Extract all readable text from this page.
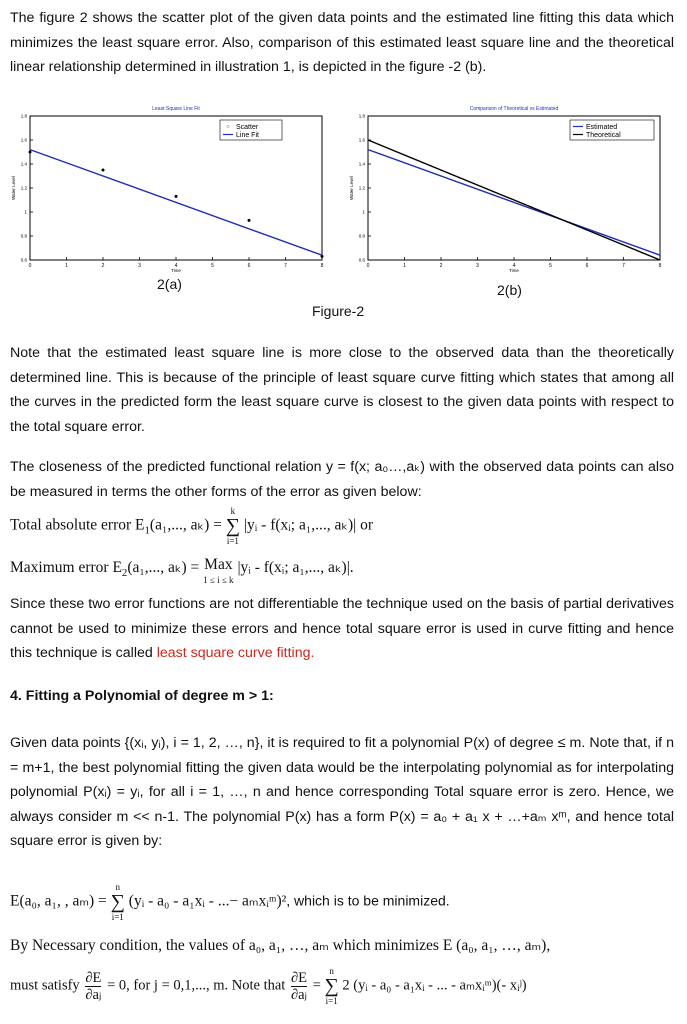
The figure 2 shows the scatter plot of the given data points and the estimated line fitting this data which minimizes the least square error. Also, comparison of this estimated least square line and the theoretical linear relationship determined in illustration 1, is depicted in the figure -2 (b).

Least Square Line Fit
0	1	2	3	4	5	6	7	8
0.6
0.8
1
1.2
1.4
1.6
1.8
Time
Water Level
Scatter
Line Fit
Comparison of Theoretical vs Estimated
0	1	2	3	4	5	6	7	8
0.6
0.8
1
1.2
1.4
1.6
1.8
Time
Water Level
Estimated
Theoretical
2(a)	2(b)
Figure-2

Note that the estimated least square line is more close to the observed data than the theoretically determined line. This is because of the principle of least square curve fitting which states that among all the curves in the predicted form the least square curve is closest to the given data points with respect to the total square error.

The closeness of the predicted functional relation y = f(x; a₀…,aₖ) with the observed data points can also be measured in terms the other forms of the error as given below:

Total absolute error $E_1(a_1$,..., aₖ) =
k
∑
i=1
|yᵢ - f(xᵢ; a₁,..., aₖ)| or
Maximum error $E_2(a_1$,..., aₖ) = Max
1 ≤ i ≤ k |yᵢ - f(xᵢ; a₁,..., aₖ)|.

Since these two error functions are not differentiable the technique used on the basis of partial derivatives cannot be used to minimize these errors and hence total square error is used in curve fitting and hence this technique is called least square curve fitting.

4. Fitting a Polynomial of degree m > 1:

Given data points {(xᵢ, yᵢ), i = 1, 2, …, n}, it is required to fit a polynomial P(x) of degree ≤ m. Note that, if n = m+1, the best polynomial fitting the given data would be the interpolating polynomial as for interpolating polynomial P(xᵢ) = yᵢ, for all i = 1, …, n and hence corresponding Total square error is zero. Hence, we always consider m << n-1. The polynomial P(x) has a form P(x) = a₀ + a₁ x + …+aₘ xᵐ, and hence total square error is given by:

E(a₀, a₁, , aₘ) =
n
∑
i=1
(yᵢ - a₀ - a₁xᵢ - ...− aₘxᵢᵐ)², which is to be minimized.
By Necessary condition, the values of a₀, a₁, …, aₘ which minimizes E (a₀, a₁, …, aₘ),
must satisfy $\frac{\partial E}{\text{∂aⱼ}} = 0$, for j = 0,1,..., m. Note that $\frac{\partial E}{\text{∂aⱼ}}$ =
n
∑
i=1
2 (yᵢ - a₀ - a₁xᵢ - ... - aₘxᵢᵐ)(- xᵢʲ)
